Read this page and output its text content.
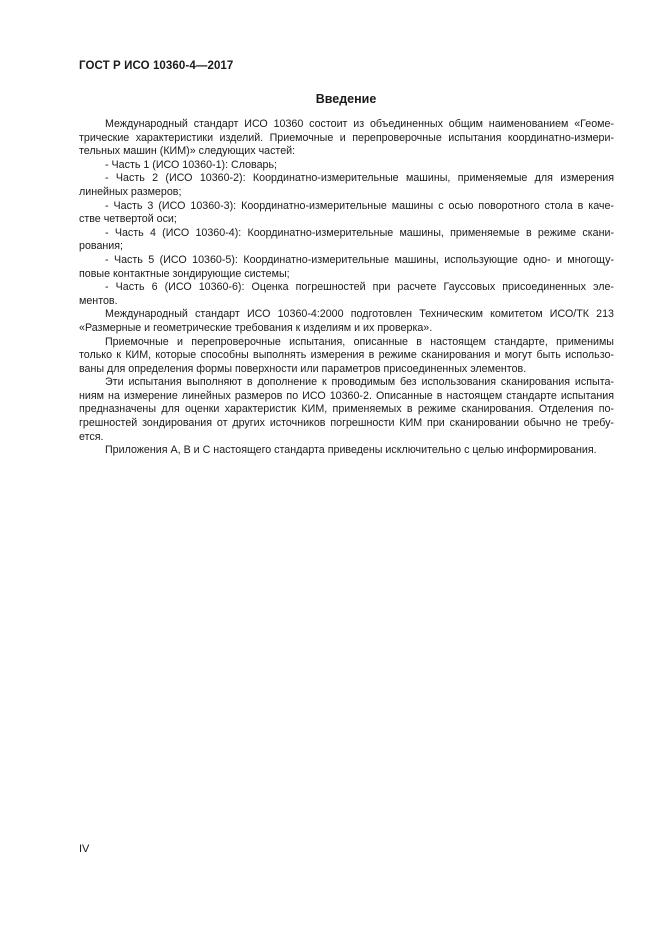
ГОСТ Р ИСО 10360-4—2017
Введение
Международный стандарт ИСО 10360 состоит из объединенных общим наименованием «Геоме-
трические характеристики изделий. Приемочные и перепроверочные испытания координатно-измери-
тельных машин (КИМ)» следующих частей:
- Часть 1 (ИСО 10360-1): Словарь;
- Часть 2 (ИСО 10360-2): Координатно-измерительные машины, применяемые для измерения
линейных размеров;
- Часть 3 (ИСО 10360-3): Координатно-измерительные машины с осью поворотного стола в каче-
стве четвертой оси;
- Часть 4 (ИСО 10360-4): Координатно-измерительные машины, применяемые в режиме скани-
рования;
- Часть 5 (ИСО 10360-5): Координатно-измерительные машины, использующие одно- и многощу-
повые контактные зондирующие системы;
- Часть 6 (ИСО 10360-6): Оценка погрешностей при расчете Гауссовых присоединенных эле-
ментов.
Международный стандарт ИСО 10360-4:2000 подготовлен Техническим комитетом ИСО/ТК 213
«Размерные и геометрические требования к изделиям и их проверка».
Приемочные и перепроверочные испытания, описанные в настоящем стандарте, применимы
только к КИМ, которые способны выполнять измерения в режиме сканирования и могут быть использо-
ваны для определения формы поверхности или параметров присоединенных элементов.
Эти испытания выполняют в дополнение к проводимым без использования сканирования испыта-
ниям на измерение линейных размеров по ИСО 10360-2. Описанные в настоящем стандарте испытания
предназначены для оценки характеристик КИМ, применяемых в режиме сканирования. Отделения по-
грешностей зондирования от других источников погрешности КИМ при сканировании обычно не требу-
ется.
Приложения А, В и С настоящего стандарта приведены исключительно с целью информирования.
IV
